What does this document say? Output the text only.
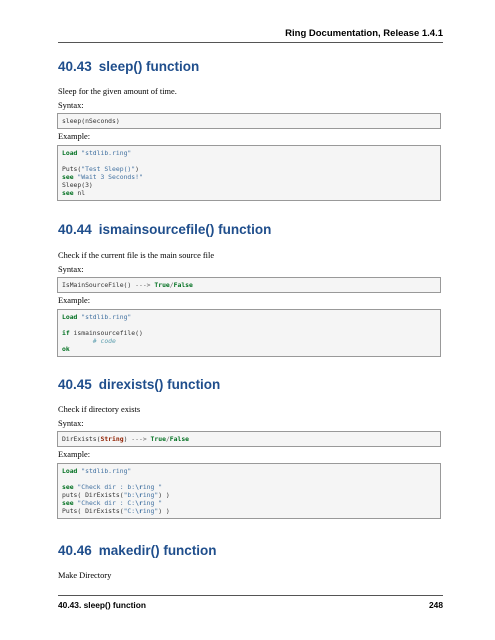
Ring Documentation, Release 1.4.1
40.43 sleep() function

Sleep for the given amount of time.

Syntax:

sleep(nSeconds)

Example:

Load "stdlib.ring"
Puts("Test Sleep()")
see "Wait 3 Seconds!"
Sleep(3)
see nl
40.44 ismainsourcefile() function

Check if the current file is the main source file

Syntax:

IsMainSourceFile() ---> True/False

Example:

Load "stdlib.ring"
if ismainsourcefile()
# code
ok
40.45 direxists() function

Check if directory exists

Syntax:

DirExists(String) ---> True/False

Example:

Load "stdlib.ring"
see "Check dir : b:\ring "
puts( DirExists("b:\ring") )
see "Check dir : C:\ring "
Puts( DirExists("C:\ring") )
40.46 makedir() function

Make Directory

40.43. sleep() function	248
